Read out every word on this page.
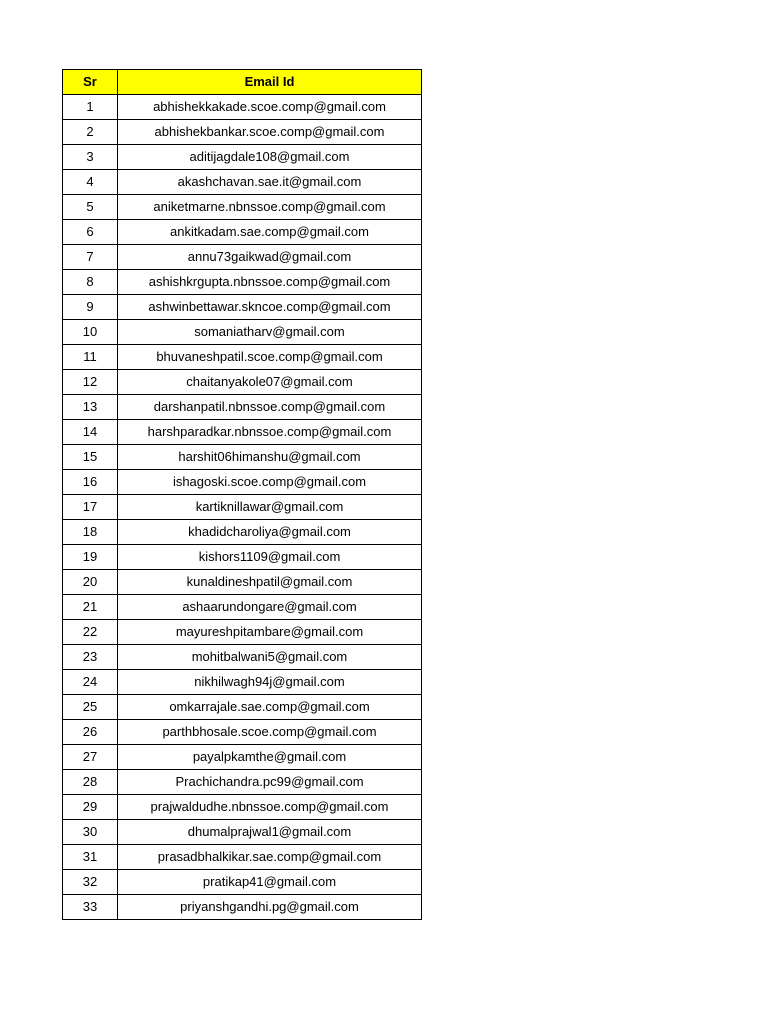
Sr	Email Id
1	abhishekkakade.scoe.comp@gmail.com
2	abhishekbankar.scoe.comp@gmail.com
3	aditijagdale108@gmail.com
4	akashchavan.sae.it@gmail.com
5	aniketmarne.nbnssoe.comp@gmail.com
6	ankitkadam.sae.comp@gmail.com
7	annu73gaikwad@gmail.com
8	ashishkrgupta.nbnssoe.comp@gmail.com
9	ashwinbettawar.skncoe.comp@gmail.com
10	somaniatharv@gmail.com
11	bhuvaneshpatil.scoe.comp@gmail.com
12	chaitanyakole07@gmail.com
13	darshanpatil.nbnssoe.comp@gmail.com
14	harshparadkar.nbnssoe.comp@gmail.com
15	harshit06himanshu@gmail.com
16	ishagoski.scoe.comp@gmail.com
17	kartiknillawar@gmail.com
18	khadidcharoliya@gmail.com
19	kishors1109@gmail.com
20	kunaldineshpatil@gmail.com
21	ashaarundongare@gmail.com
22	mayureshpitambare@gmail.com
23	mohitbalwani5@gmail.com
24	nikhilwagh94j@gmail.com
25	omkarrajale.sae.comp@gmail.com
26	parthbhosale.scoe.comp@gmail.com
27	payalpkamthe@gmail.com
28	Prachichandra.pc99@gmail.com
29	prajwaldudhe.nbnssoe.comp@gmail.com
30	dhumalprajwal1@gmail.com
31	prasadbhalkikar.sae.comp@gmail.com
32	pratikap41@gmail.com
33	priyanshgandhi.pg@gmail.com
